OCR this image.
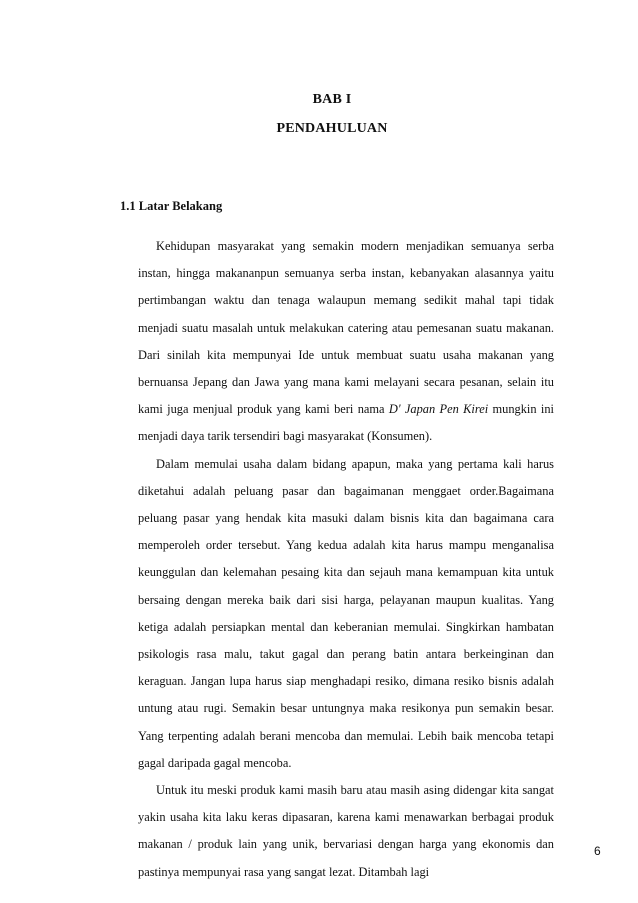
BAB I
PENDAHULUAN
1.1 Latar Belakang

Kehidupan masyarakat yang semakin modern menjadikan semuanya serba instan, hingga makananpun semuanya serba instan, kebanyakan alasannya yaitu pertimbangan waktu dan tenaga walaupun memang sedikit mahal tapi tidak menjadi suatu masalah untuk melakukan catering atau pemesanan suatu makanan. Dari sinilah kita mempunyai Ide untuk membuat suatu usaha makanan yang bernuansa Jepang dan Jawa yang mana kami melayani secara pesanan, selain itu kami juga menjual produk yang kami beri nama D' Japan Pen Kirei mungkin ini menjadi daya tarik tersendiri bagi masyarakat (Konsumen).

Dalam memulai usaha dalam bidang apapun, maka yang pertama kali harus diketahui adalah peluang pasar dan bagaimanan menggaet order.Bagaimana peluang pasar yang hendak kita masuki dalam bisnis kita dan bagaimana cara memperoleh order tersebut. Yang kedua adalah kita harus mampu menganalisa keunggulan dan kelemahan pesaing kita dan sejauh mana kemampuan kita untuk bersaing dengan mereka baik dari sisi harga, pelayanan maupun kualitas. Yang ketiga adalah persiapkan mental dan keberanian memulai. Singkirkan hambatan psikologis rasa malu, takut gagal dan perang batin antara berkeinginan dan keraguan. Jangan lupa harus siap menghadapi resiko, dimana resiko bisnis adalah untung atau rugi. Semakin besar untungnya maka resikonya pun semakin besar. Yang terpenting adalah berani mencoba dan memulai. Lebih baik mencoba tetapi gagal daripada gagal mencoba.

Untuk itu meski produk kami masih baru atau masih asing didengar kita sangat yakin usaha kita laku keras dipasaran, karena kami menawarkan berbagai produk makanan / produk lain yang unik, bervariasi dengan harga yang ekonomis dan pastinya mempunyai rasa yang sangat lezat. Ditambah lagi

6
